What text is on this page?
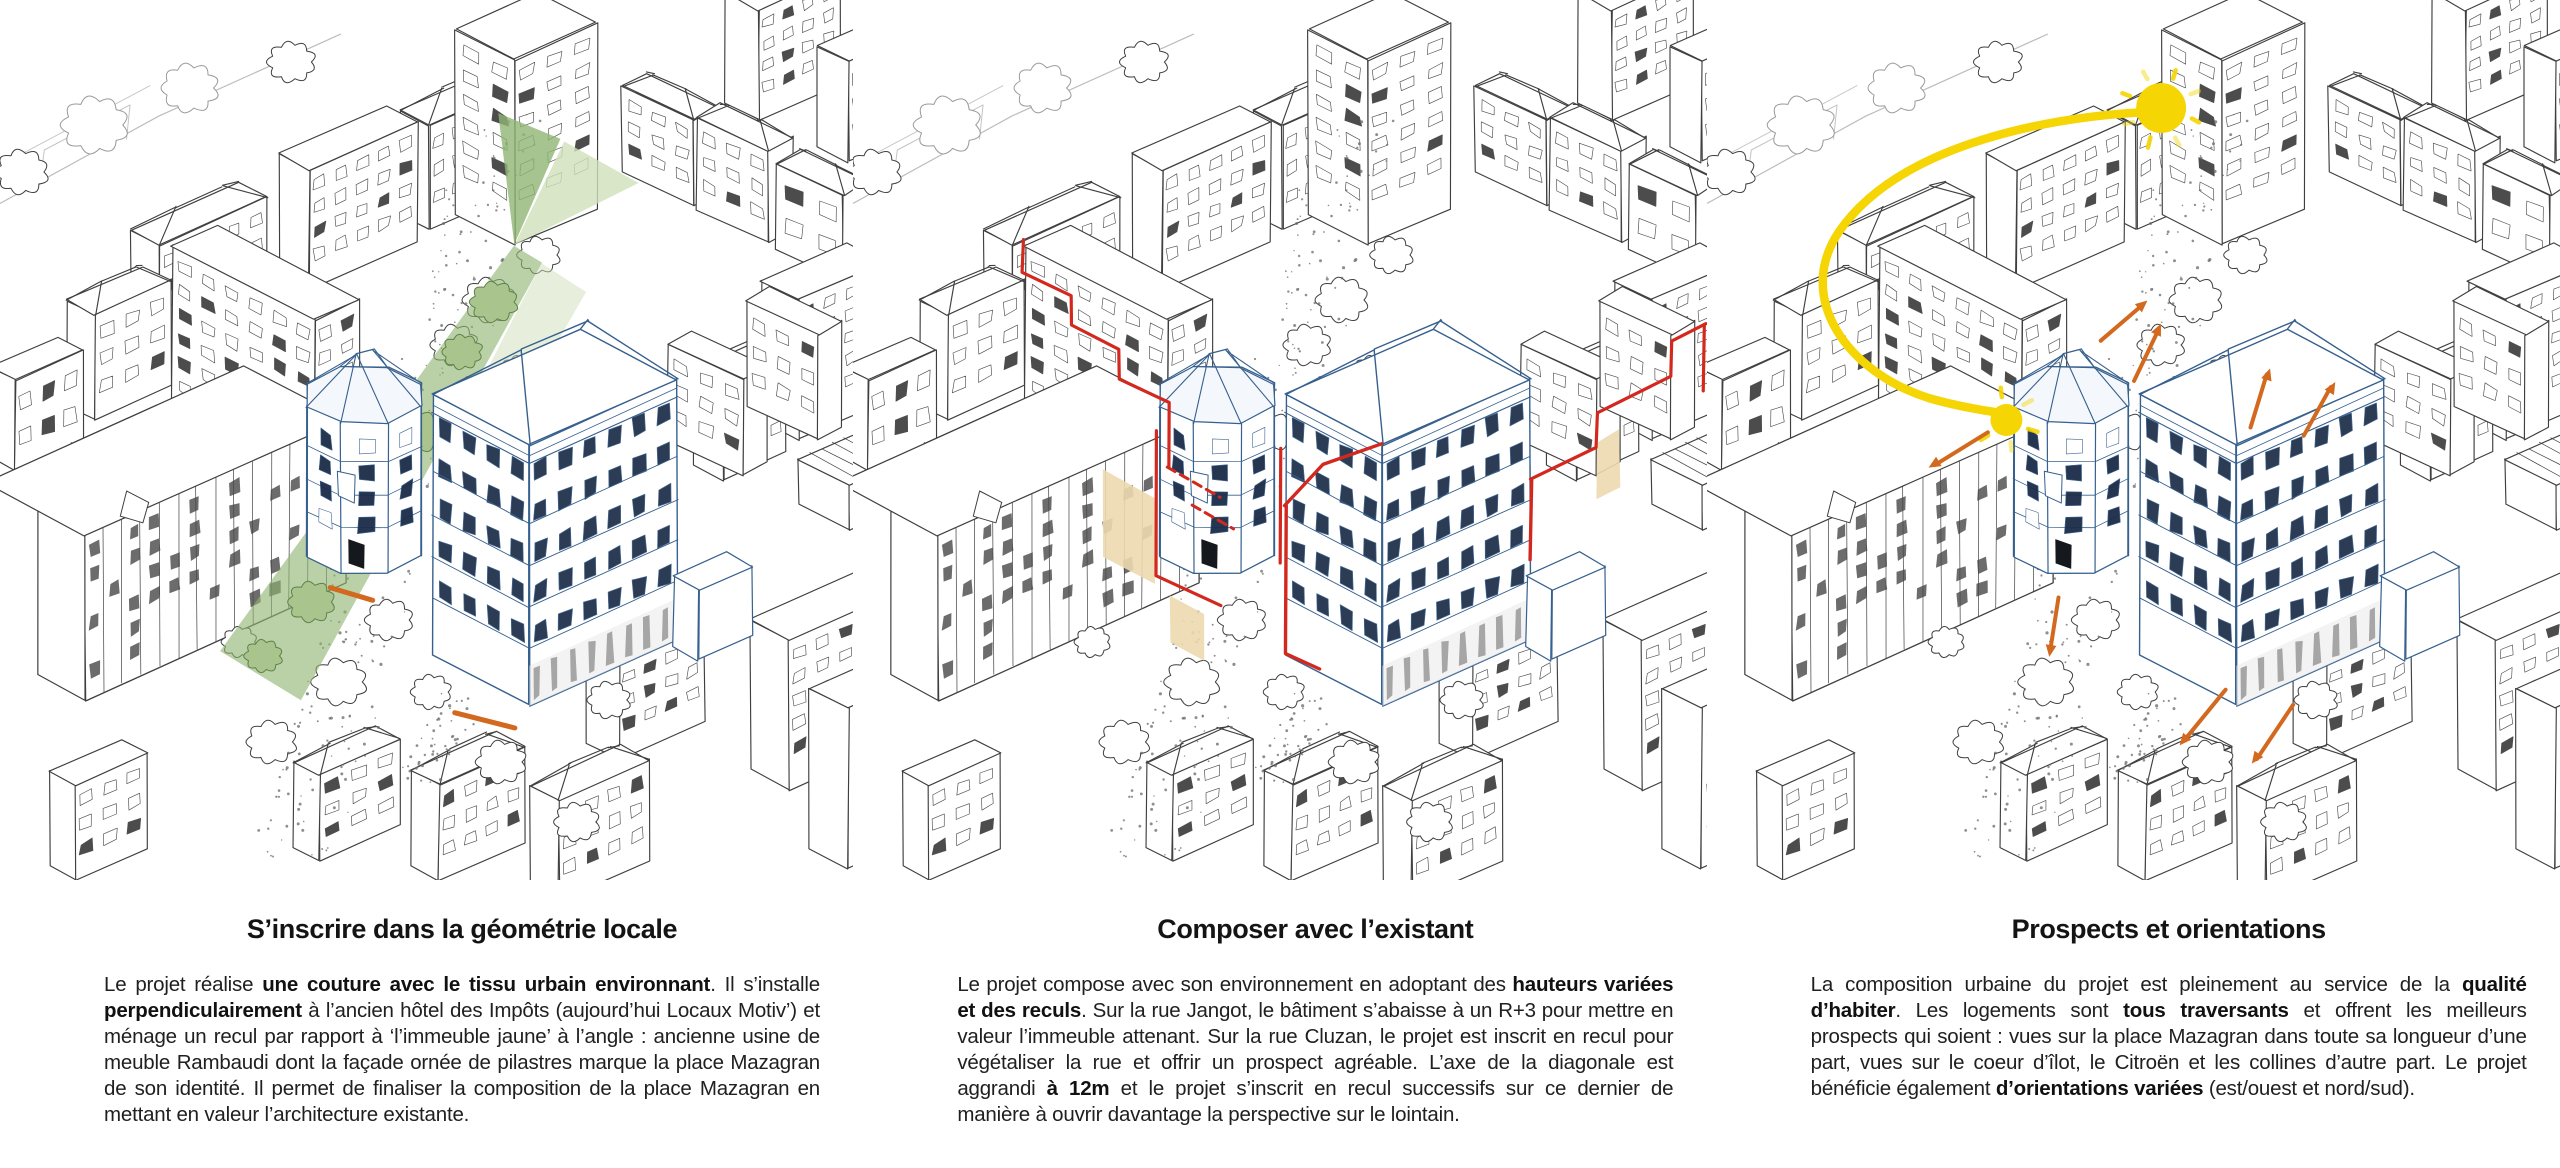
S’inscrire dans la géométrie locale

Le projet réalise une couture avec le tissu urbain environnant. Il s’installe perpendiculairement à l’ancien hôtel des Impôts (aujourd’hui Locaux Motiv’) et ménage un recul par rapport à ‘l’immeuble jaune’ à l’angle : ancienne usine de meuble Rambaudi dont la façade ornée de pilastres marque la place Mazagran de son identité. Il permet de finaliser la composition de la place Mazagran en mettant en valeur l’architecture existante.

Composer avec l’existant

Le projet compose avec son environnement en adoptant des hauteurs variées et des reculs. Sur la rue Jangot, le bâtiment s’abaisse à un R+3 pour mettre en valeur l’immeuble attenant. Sur la rue Cluzan, le projet est inscrit en recul pour végétaliser la rue et offrir un prospect agréable. L’axe de la diagonale est aggrandi à 12m et le projet s’inscrit en recul successifs sur ce dernier de manière à ouvrir davantage la perspective sur le lointain.

Prospects et orientations

La composition urbaine du projet est pleinement au service de la qualité d’habiter. Les logements sont tous traversants et offrent les meilleurs prospects qui soient : vues sur la place Mazagran dans toute sa longueur d’une part, vues sur le coeur d’îlot, le Citroën et les collines d’autre part. Le projet bénéficie également d’orientations variées (est/ouest et nord/sud).
